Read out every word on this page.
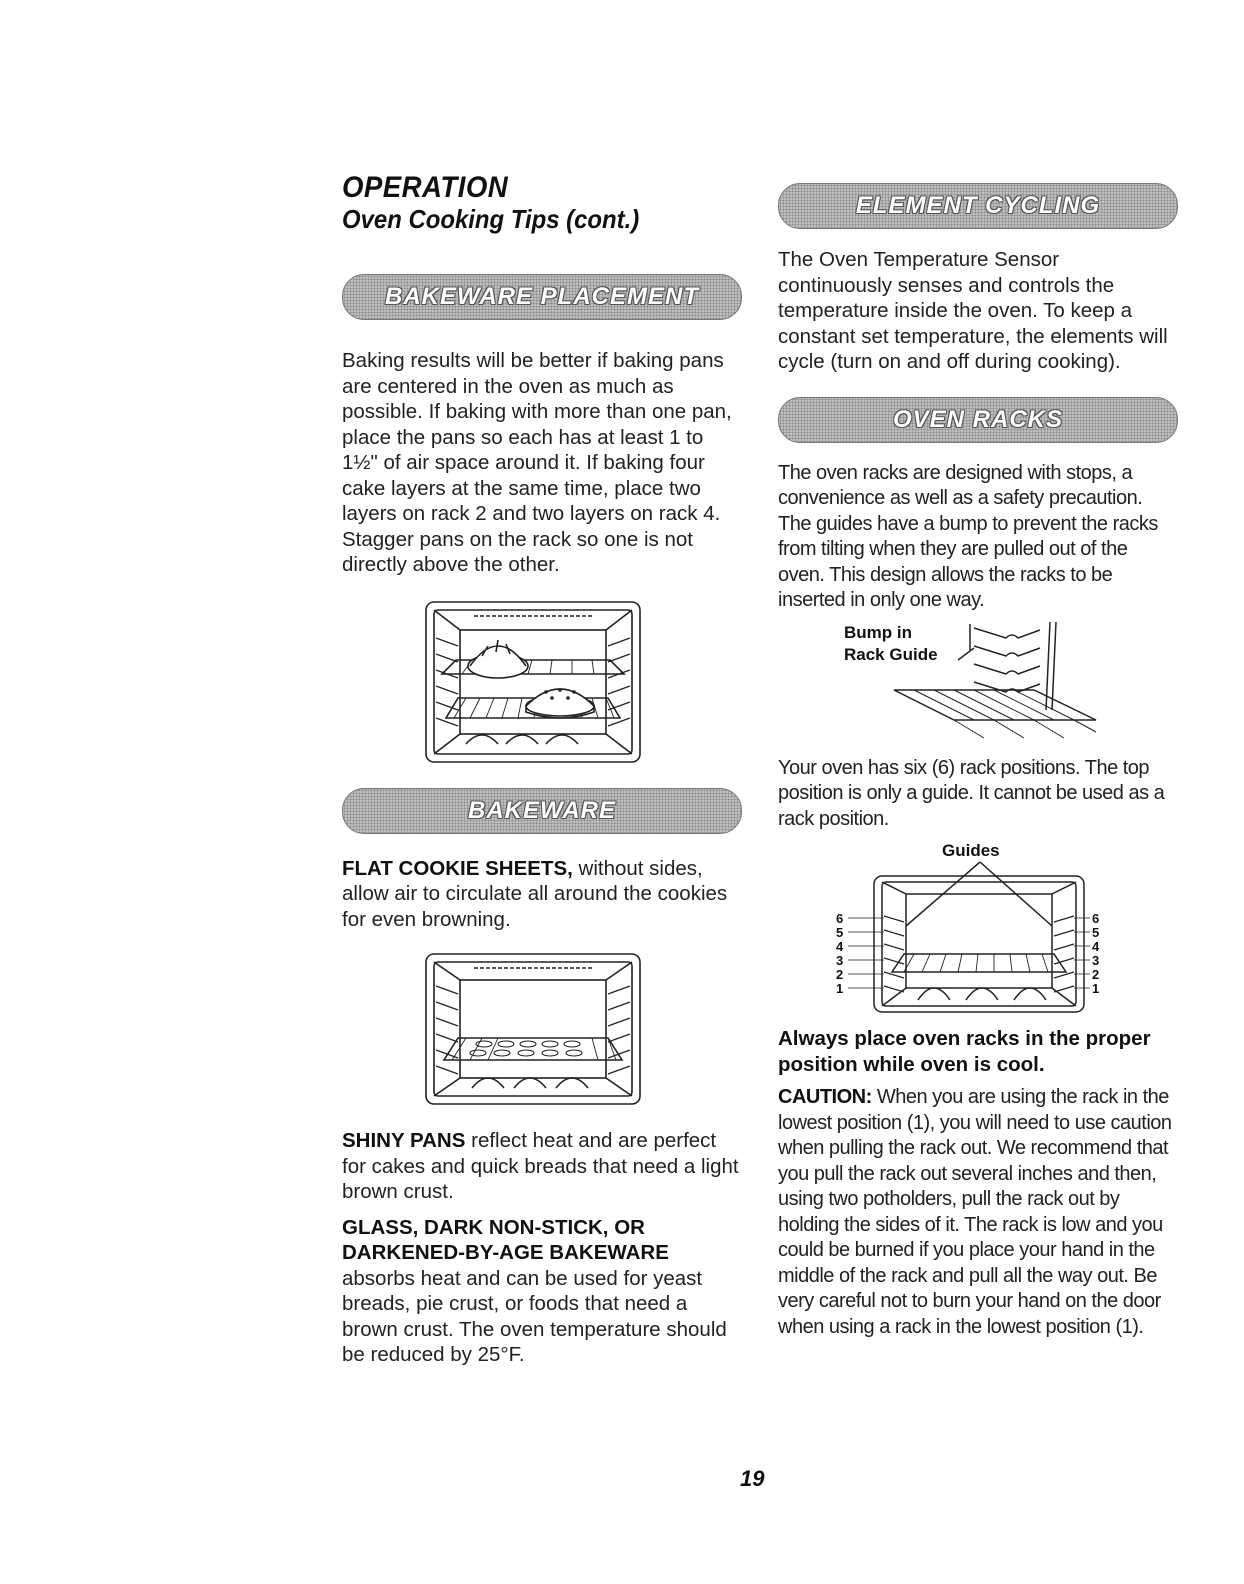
OPERATION
Oven Cooking Tips (cont.)
BAKEWARE PLACEMENT

Baking results will be better if baking pans are centered in the oven as much as possible. If baking with more than one pan, place the pans so each has at least 1 to 1½" of air space around it. If baking four cake layers at the same time, place two layers on rack 2 and two layers on rack 4. Stagger pans on the rack so one is not directly above the other.

BAKEWARE

FLAT COOKIE SHEETS, without sides, allow air to circulate all around the cookies for even browning.

SHINY PANS reflect heat and are perfect for cakes and quick breads that need a light brown crust.

GLASS, DARK NON-STICK, OR DARKENED-BY-AGE BAKEWARE

absorbs heat and can be used for yeast breads, pie crust, or foods that need a brown crust. The oven temperature should be reduced by 25°F.

ELEMENT CYCLING

The Oven Temperature Sensor continuously senses and controls the temperature inside the oven. To keep a constant set temperature, the elements will cycle (turn on and off during cooking).

OVEN RACKS

The oven racks are designed with stops, a convenience as well as a safety precaution. The guides have a bump to prevent the racks from tilting when they are pulled out of the oven. This design allows the racks to be inserted in only one way.

Bump in
Rack Guide

Your oven has six (6) rack positions. The top position is only a guide. It cannot be used as a rack position.

Guides
6
5
4
3
2
1
6
5
4
3
2
1

Always place oven racks in the proper position while oven is cool.

CAUTION: When you are using the rack in the lowest position (1), you will need to use caution when pulling the rack out. We recommend that you pull the rack out several inches and then, using two potholders, pull the rack out by holding the sides of it. The rack is low and you could be burned if you place your hand in the middle of the rack and pull all the way out. Be very careful not to burn your hand on the door when using a rack in the lowest position (1).

19
